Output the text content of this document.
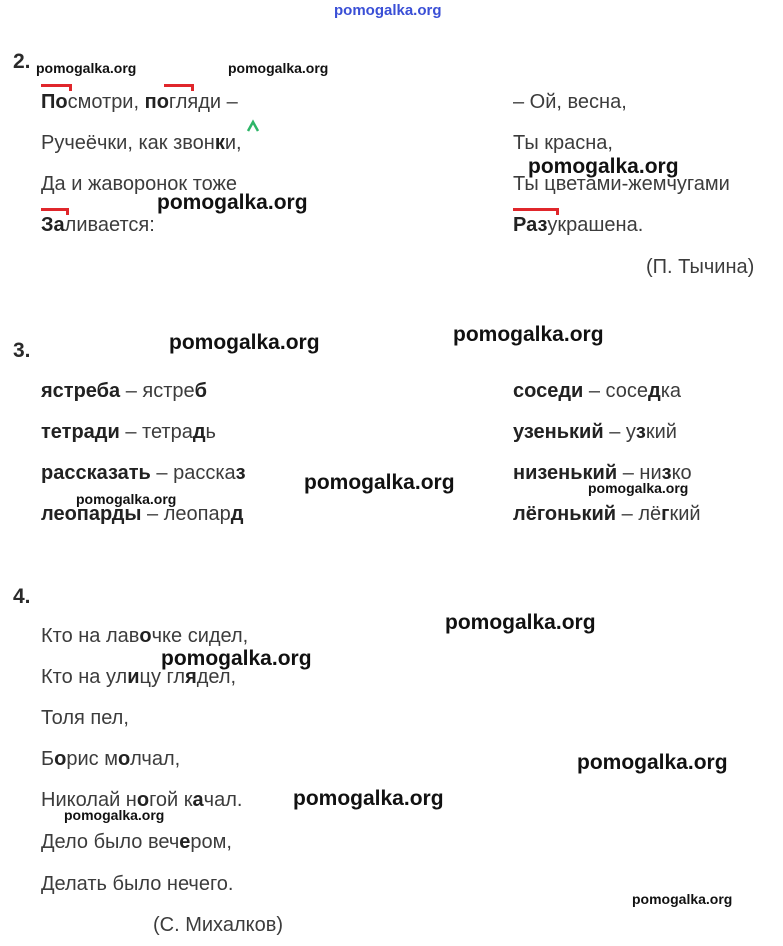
pomogalka.org
2.
Посмотри, погляди –
Ручеёчки, как звонки,
Да и жаворонок тоже
Заливается:
– Ой, весна,
Ты красна,
Ты цветами-жемчугами
Разукрaшена.
(П. Тычина)
3.
ястреба – ястреб
тетради – тетрадь
рассказать – рассказ
леопарды – леопард
соседи – соседка
узенький – узкий
низенький – низко
лёгонький – лёгкий
4.
Кто на лавочке сидел,
Кто на улицу глядел,
Толя пел,
Борис молчал,
Николай ногой качал.
Дело было вечером,
Делать было нечего.
(С. Михалков)
pomogalka.org	pomogalka.org
pomogalka.org
pomogalka.org
pomogalka.org
pomogalka.org
pomogalka.org	pomogalka.org
pomogalka.org
pomogalka.org
pomogalka.org
pomogalka.org
pomogalka.org
pomogalka.org
pomogalka.org
